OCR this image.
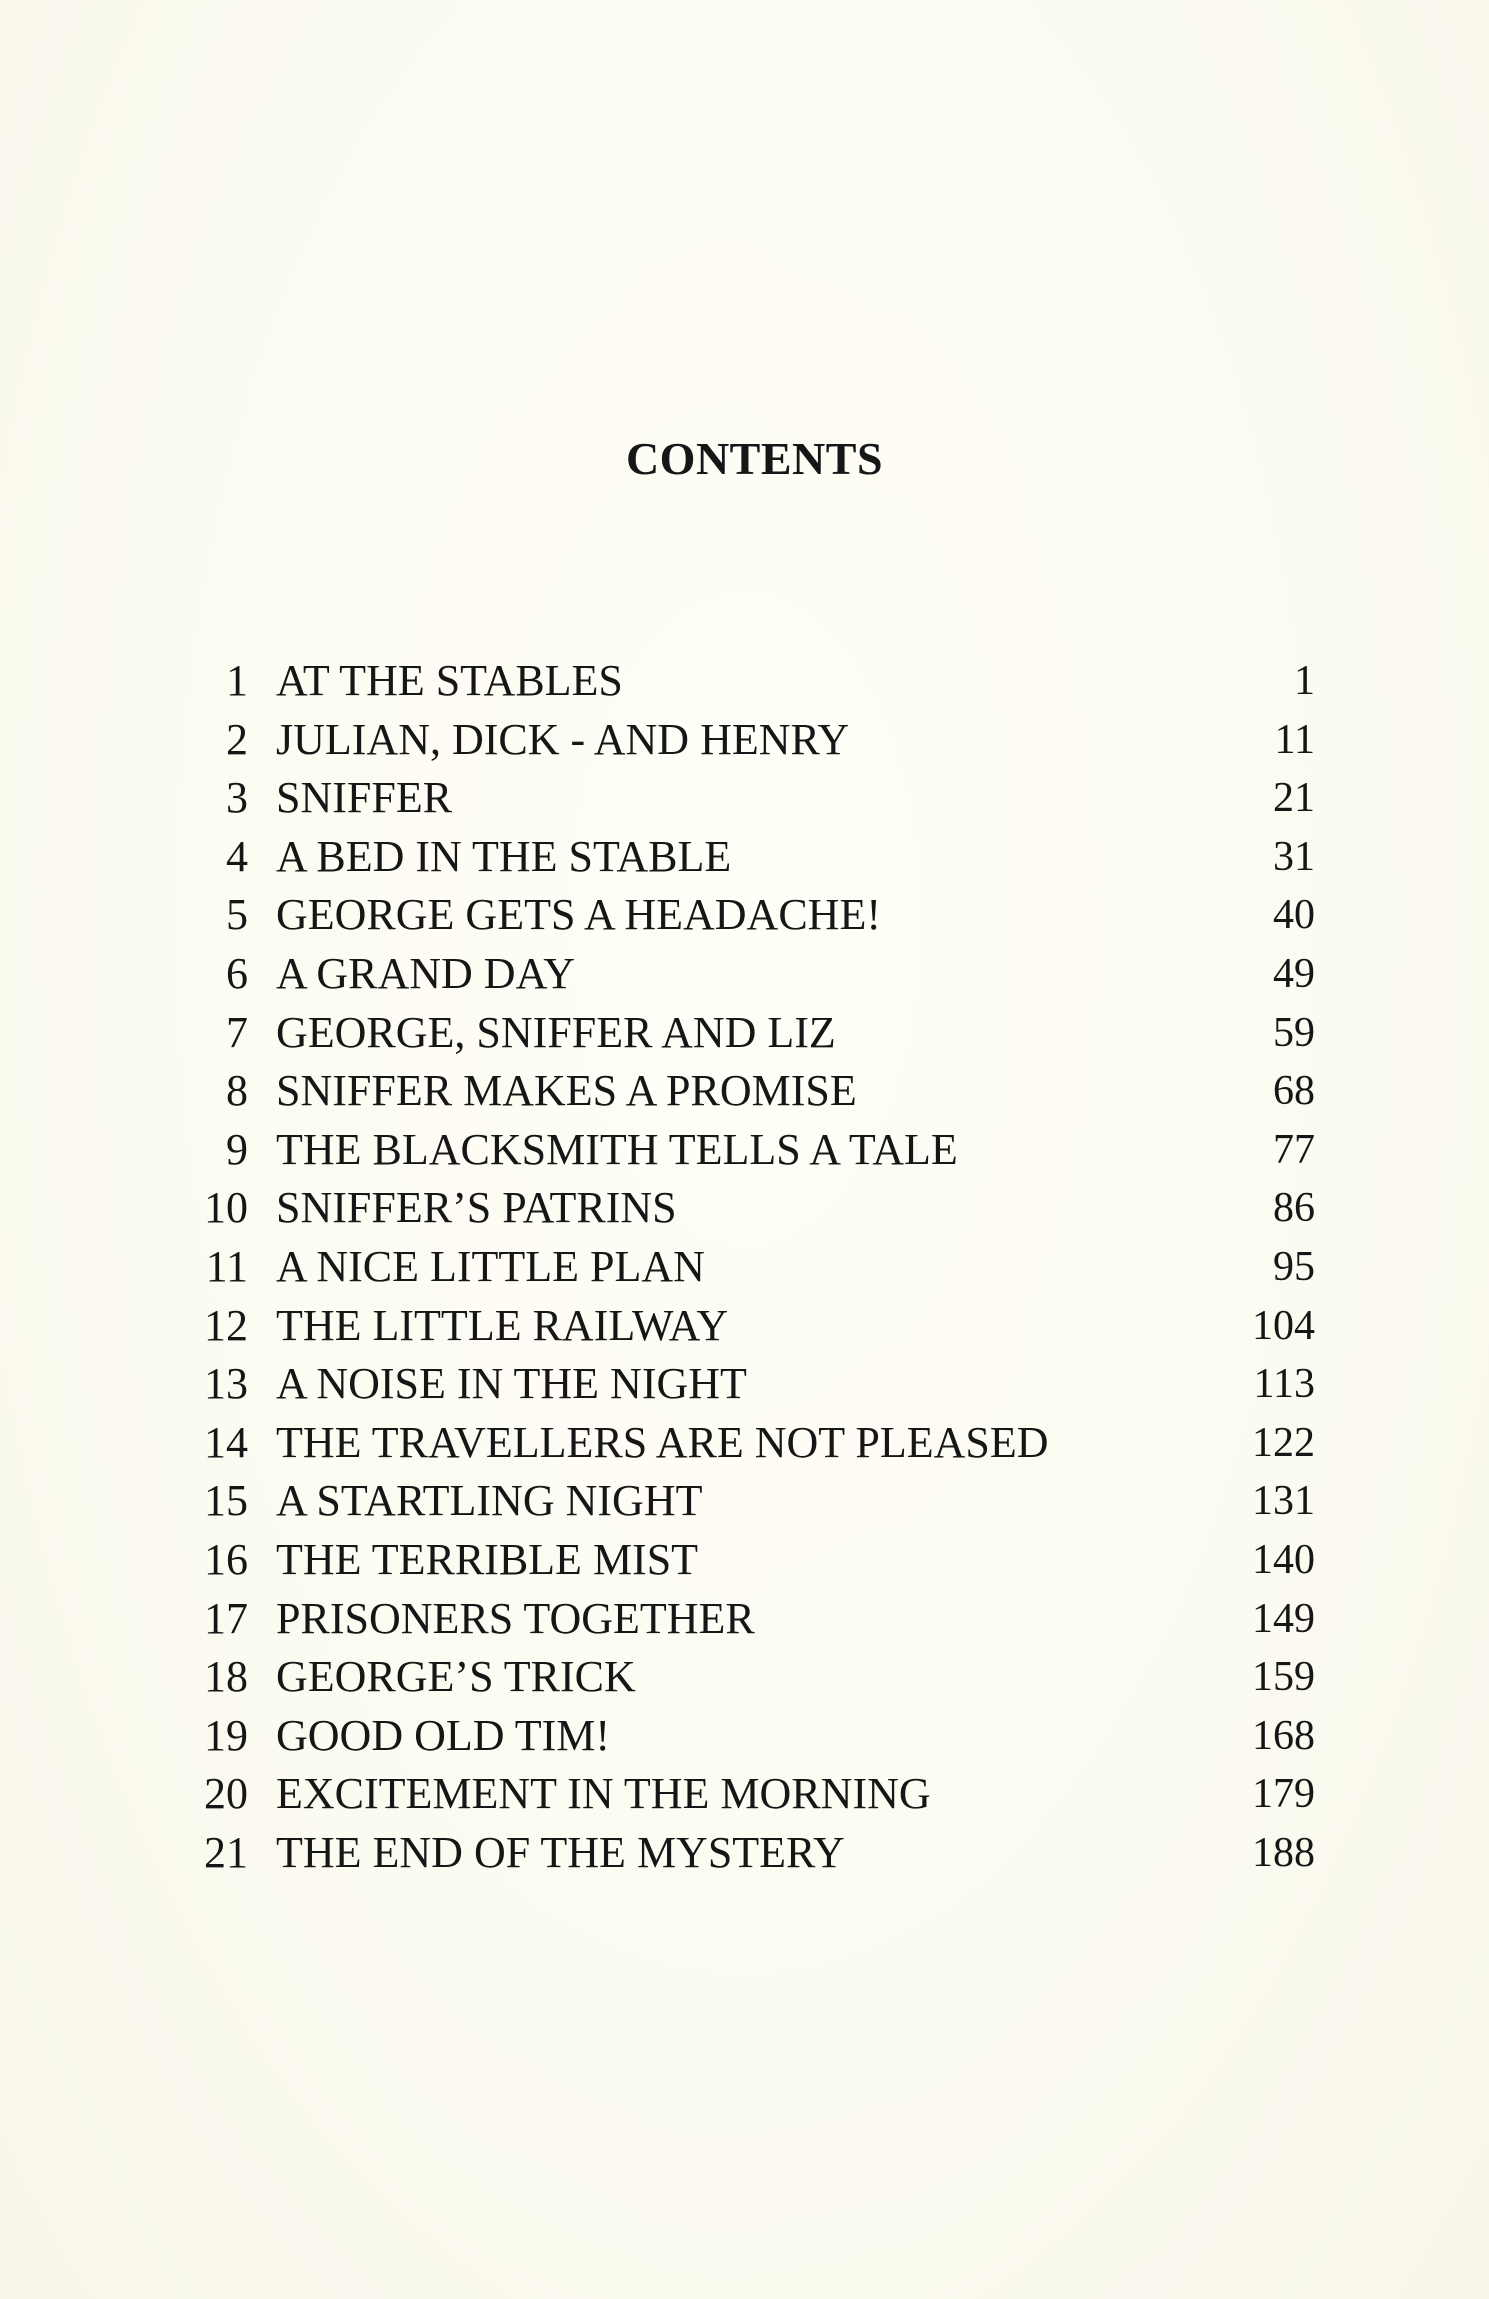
CONTENTS
1 AT THE STABLES	1
2 JULIAN, DICK - AND HENRY	11
3 SNIFFER	21
4 A BED IN THE STABLE	31
5 GEORGE GETS A HEADACHE!	40
6 A GRAND DAY	49
7 GEORGE, SNIFFER AND LIZ	59
8 SNIFFER MAKES A PROMISE	68
9 THE BLACKSMITH TELLS A TALE	77
10 SNIFFER’S PATRINS	86
11 A NICE LITTLE PLAN	95
12 THE LITTLE RAILWAY	104
13 A NOISE IN THE NIGHT	113
14 THE TRAVELLERS ARE NOT PLEASED	122
15 A STARTLING NIGHT	131
16 THE TERRIBLE MIST	140
17 PRISONERS TOGETHER	149
18 GEORGE’S TRICK	159
19 GOOD OLD TIM!	168
20 EXCITEMENT IN THE MORNING	179
21 THE END OF THE MYSTERY	188
